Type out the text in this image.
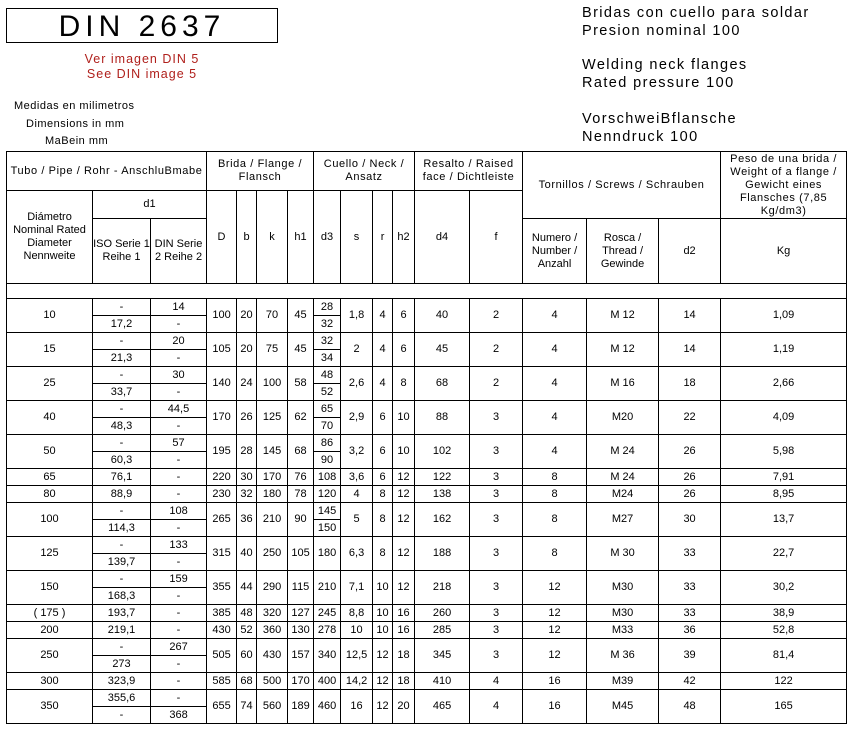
DIN 2637
Ver imagen DIN 5
See DIN image 5
Medidas en milimetros
Dimensions in mm
MaBein mm
Bridas con cuello para soldar
Presion nominal 100
Welding neck flanges
Rated pressure 100
VorschweiBflansche
Nenndruck 100
Tubo / Pipe / Rohr - AnschluBmabe			Brida / Flange / Flansch				Cuello / Neck / Ansatz				Resalto / Raised face / Dichtleiste		Tornillos / Screws / Schrauben			Peso de una brida / Weight of a flange / Gewicht eines Flansches (7,85 Kg/dm3)
Diámetro Nominal Rated Diameter Nennweite	d1		D	b	k	h1	d3	s	r	h2	d4	f				
	ISO Serie 1 Reihe 1	DIN Serie 2 Reihe 2											Numero / Number / Anzahl	Rosca / Thread / Gewinde	d2	Kg

10	-	14	100	20	70	45	28	1,8	4	6	40	2	4	M 12	14	1,09
	17,2	-					32									
15	-	20	105	20	75	45	32	2	4	6	45	2	4	M 12	14	1,19
	21,3	-					34									
25	-	30	140	24	100	58	48	2,6	4	8	68	2	4	M 16	18	2,66
	33,7	-					52									
40	-	44,5	170	26	125	62	65	2,9	6	10	88	3	4	M20	22	4,09
	48,3	-					70									
50	-	57	195	28	145	68	86	3,2	6	10	102	3	4	M 24	26	5,98
	60,3	-					90									
65	76,1	-	220	30	170	76	108	3,6	6	12	122	3	8	M 24	26	7,91
80	88,9	-	230	32	180	78	120	4	8	12	138	3	8	M24	26	8,95
100	-	108	265	36	210	90	145	5	8	12	162	3	8	M27	30	13,7
	114,3	-					150									
125	-	133	315	40	250	105	180	6,3	8	12	188	3	8	M 30	33	22,7
	139,7	-														
150	-	159	355	44	290	115	210	7,1	10	12	218	3	12	M30	33	30,2
	168,3	-														
( 175 )	193,7	-	385	48	320	127	245	8,8	10	16	260	3	12	M30	33	38,9
200	219,1	-	430	52	360	130	278	10	10	16	285	3	12	M33	36	52,8
250	-	267	505	60	430	157	340	12,5	12	18	345	3	12	M 36	39	81,4
	273	-														
300	323,9	-	585	68	500	170	400	14,2	12	18	410	4	16	M39	42	122
350	355,6	-	655	74	560	189	460	16	12	20	465	4	16	M45	48	165
	-	368														
